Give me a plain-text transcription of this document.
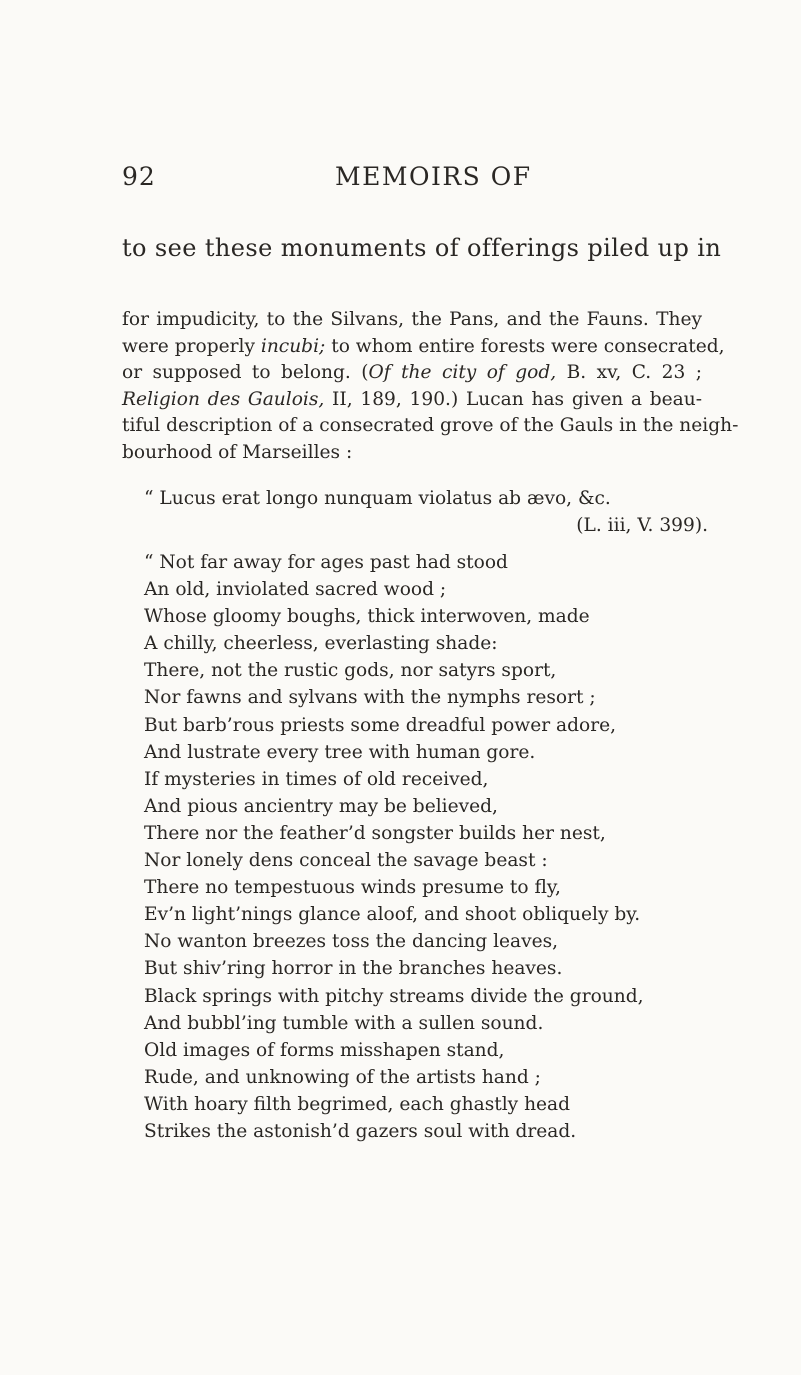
92	MEMOIRS OF
to see these monuments of offerings piled up in
for impudicity, to the Silvans, the Pans, and the Fauns. They
were properly incubi; to whom entire forests were consecrated,
or supposed to belong. (Of the city of god, B. xv, C. 23 ;
Religion des Gaulois, II, 189, 190.) Lucan has given a beau-
tiful description of a consecrated grove of the Gauls in the neigh-
bourhood of Marseilles :
“ Lucus erat longo nunquam violatus ab ævo, &c.
(L. iii, V. 399).
“ Not far away for ages past had stood
An old, inviolated sacred wood ;
Whose gloomy boughs, thick interwoven, made
A chilly, cheerless, everlasting shade:
There, not the rustic gods, nor satyrs sport,
Nor fawns and sylvans with the nymphs resort ;
But barb’rous priests some dreadful power adore,
And lustrate every tree with human gore.
If mysteries in times of old received,
And pious ancientry may be believed,
There nor the feather’d songster builds her nest,
Nor lonely dens conceal the savage beast :
There no tempestuous winds presume to fly,
Ev’n light’nings glance aloof, and shoot obliquely by.
No wanton breezes toss the dancing leaves,
But shiv’ring horror in the branches heaves.
Black springs with pitchy streams divide the ground,
And bubbl’ing tumble with a sullen sound.
Old images of forms misshapen stand,
Rude, and unknowing of the artists hand ;
With hoary filth begrimed, each ghastly head
Strikes the astonish’d gazers soul with dread.
